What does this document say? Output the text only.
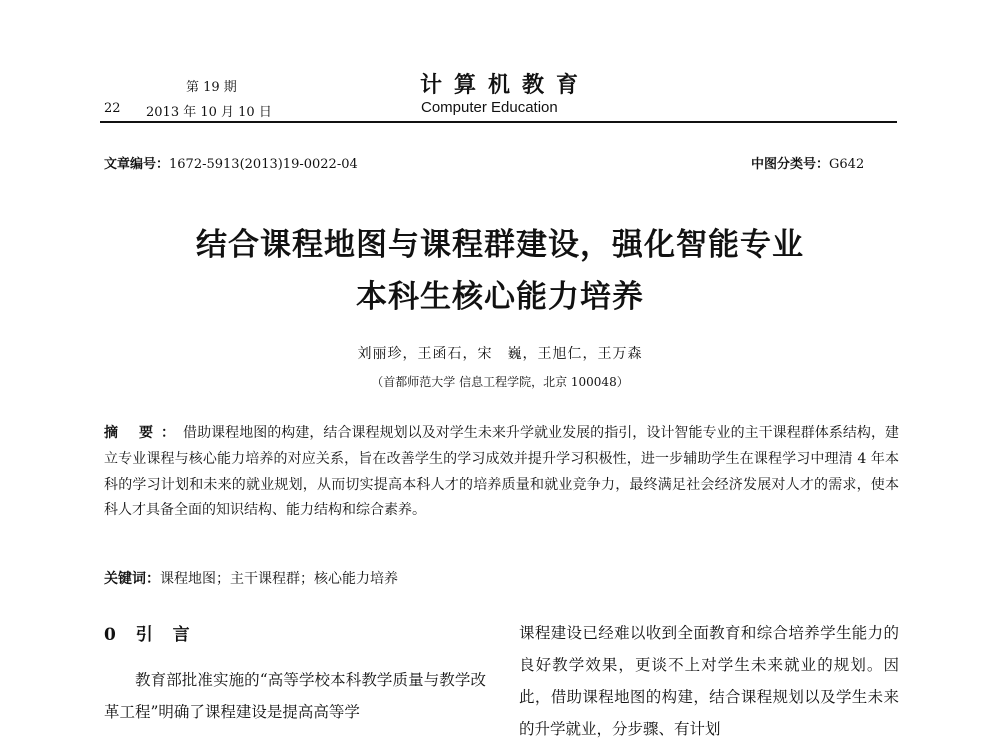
第 19 期
22 2013 年 10 月 10 日
计算机教育
Computer Education
文章编号：1672-5913(2013)19-0022-04	中图分类号：G642
结合课程地图与课程群建设，强化智能专业
本科生核心能力培养
刘丽珍，王函石，宋　巍，王旭仁，王万森
（首都师范大学 信息工程学院，北京 100048）
摘 要：借助课程地图的构建，结合课程规划以及对学生未来升学就业发展的指引，设计智能专业的主干课程群体系结构，建立专业课程与核心能力培养的对应关系，旨在改善学生的学习成效并提升学习积极性，进一步辅助学生在课程学习中理清 4 年本科的学习计划和未来的就业规划，从而切实提高本科人才的培养质量和就业竞争力，最终满足社会经济发展对人才的需求，使本科人才具备全面的知识结构、能力结构和综合素养。
关键词：课程地图；主干课程群；核心能力培养
0 引 言
教育部批准实施的“高等学校本科教学质量与教学改革工程”明确了课程建设是提高高等学
课程建设已经难以收到全面教育和综合培养学生能力的良好教学效果，更谈不上对学生未来就业的规划。因此，借助课程地图的构建，结合课程规划以及学生未来的升学就业，分步骤、有计划
